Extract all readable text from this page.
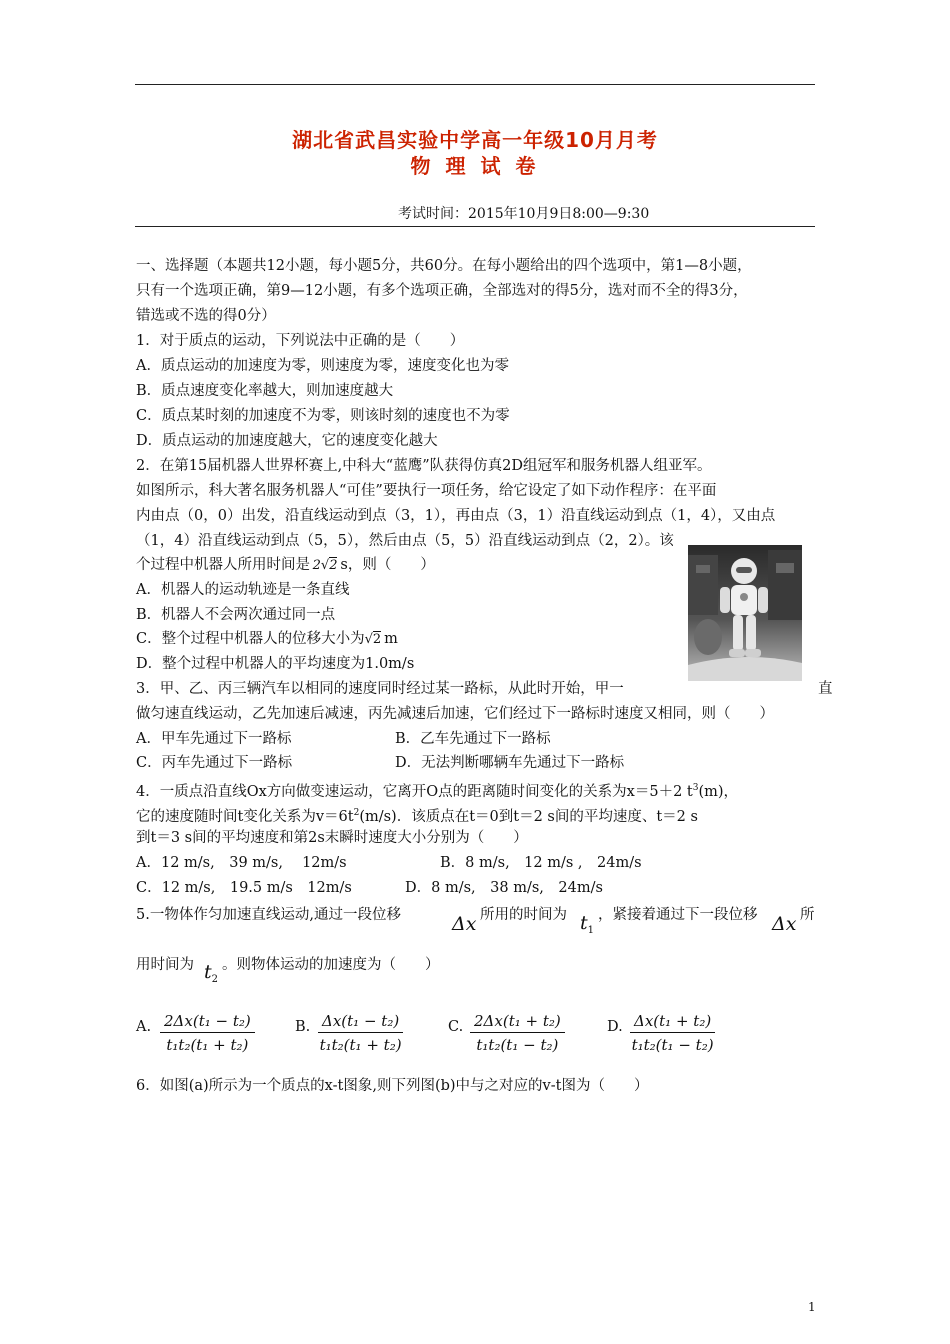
湖北省武昌实验中学高一年级10月月考
物 理 试 卷
考试时间：2015年10月9日8:00—9:30
一、选择题（本题共12小题，每小题5分，共60分。在每小题给出的四个选项中，第1—8小题，
只有一个选项正确，第9—12小题，有多个选项正确，全部选对的得5分，选对而不全的得3分，
错选或不选的得0分）
1．对于质点的运动，下列说法中正确的是（　　）
A．质点运动的加速度为零，则速度为零，速度变化也为零
B．质点速度变化率越大，则加速度越大
C．质点某时刻的加速度不为零，则该时刻的速度也不为零
D．质点运动的加速度越大，它的速度变化越大
2．在第15届机器人世界杯赛上,中科大“蓝鹰”队获得仿真2D组冠军和服务机器人组亚军。
如图所示，科大著名服务机器人“可佳”要执行一项任务，给它设定了如下动作程序：在平面
内由点（0，0）出发，沿直线运动到点（3，1），再由点（3，1）沿直线运动到点（1，4），又由点
（1，4）沿直线运动到点（5，5），然后由点（5，5）沿直线运动到点（2，2）。该
个过程中机器人所用时间是  2√2  s，则（　　）
A．机器人的运动轨迹是一条直线
B．机器人不会两次通过同一点
C．整个过程中机器人的位移大小为√2  m
D．整个过程中机器人的平均速度为1.0m/s
3．甲、乙、丙三辆汽车以相同的速度同时经过某一路标，从此时开始，甲一	直
做匀速直线运动，乙先加速后减速，丙先减速后加速，它们经过下一路标时速度又相同，则（　　）
A．甲车先通过下一路标	B．乙车先通过下一路标
C．丙车先通过下一路标	D．无法判断哪辆车先通过下一路标
4．一质点沿直线Ox方向做变速运动，它离开O点的距离随时间变化的关系为x＝5＋2 $t^3(m)$，
它的速度随时间t变化关系为$v=6t^2(m/s)$．该质点在t＝0到t＝2 s间的平均速度、t＝2 s
到t＝3 s间的平均速度和第2s末瞬时速度大小分别为（　　）
A．12 m/s,　39 m/s,　 12m/s	B．8 m/s,　12 m/s ,　24m/s
C．12 m/s,　19.5 m/s　12m/s	D．8 m/s,　38 m/s,　24m/s
5.一物体作匀加速直线运动,通过一段位移	Δx 所用的时间为 $t_1$
，紧接着通过下一段位移 Δx 所
用时间为 $t_2$
。则物体运动的加速度为（　　）
A. $\frac{\text{2Δx(t₁ − t₂)}}{\text{t₁t₂(t₁ + t₂)}}$	B. $\frac{\text{Δx(t₁ − t₂)}}{\text{t₁t₂(t₁ + t₂)}}$	C. $\frac{\text{2Δx(t₁ + t₂)}}{\text{t₁t₂(t₁ − t₂)}}$	D. $\frac{\text{Δx(t₁ + t₂)}}{\text{t₁t₂(t₁ − t₂)}}$
6．如图(a)所示为一个质点的x-t图象,则下列图(b)中与之对应的v-t图为（　　）
1
